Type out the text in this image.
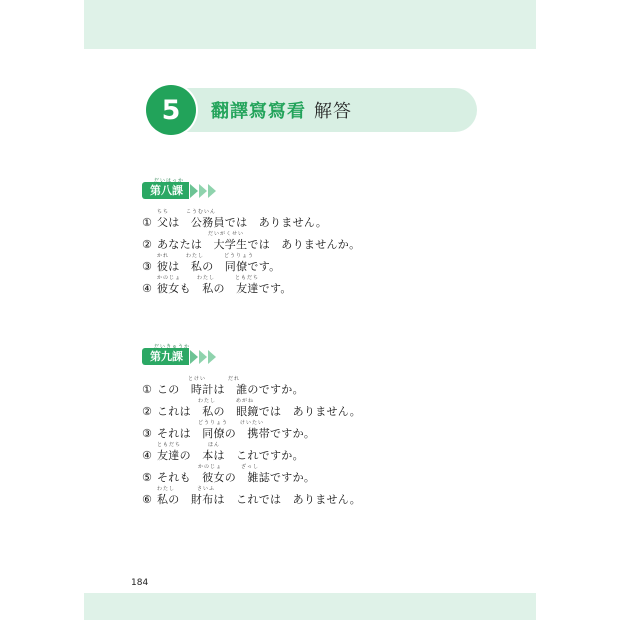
5	翻譯寫寫看 解答
だいはっか
第八課
ちち	こうむいん
① 父は　公務員では　ありません。
だいがくせい
② あなたは　大学生では　ありませんか。
かれ	わたし	どうりょう
③ 彼は　私の　同僚です。
かのじょ	わたし	ともだち
④ 彼女も　私の　友達です。
だいきゅうか
第九課
とけい	だれ
① この　時計は　誰のですか。
わたし	めがね
② これは　私の　眼鏡では　ありません。
どうりょう けいたい
③ それは　同僚の　携帯ですか。
ともだち	ほん
④ 友達の　本は　これですか。
かのじょ	ざっし
⑤ それも　彼女の　雑誌ですか。
わたし	さいふ
⑥ 私の　財布は　これでは　ありません。
184
